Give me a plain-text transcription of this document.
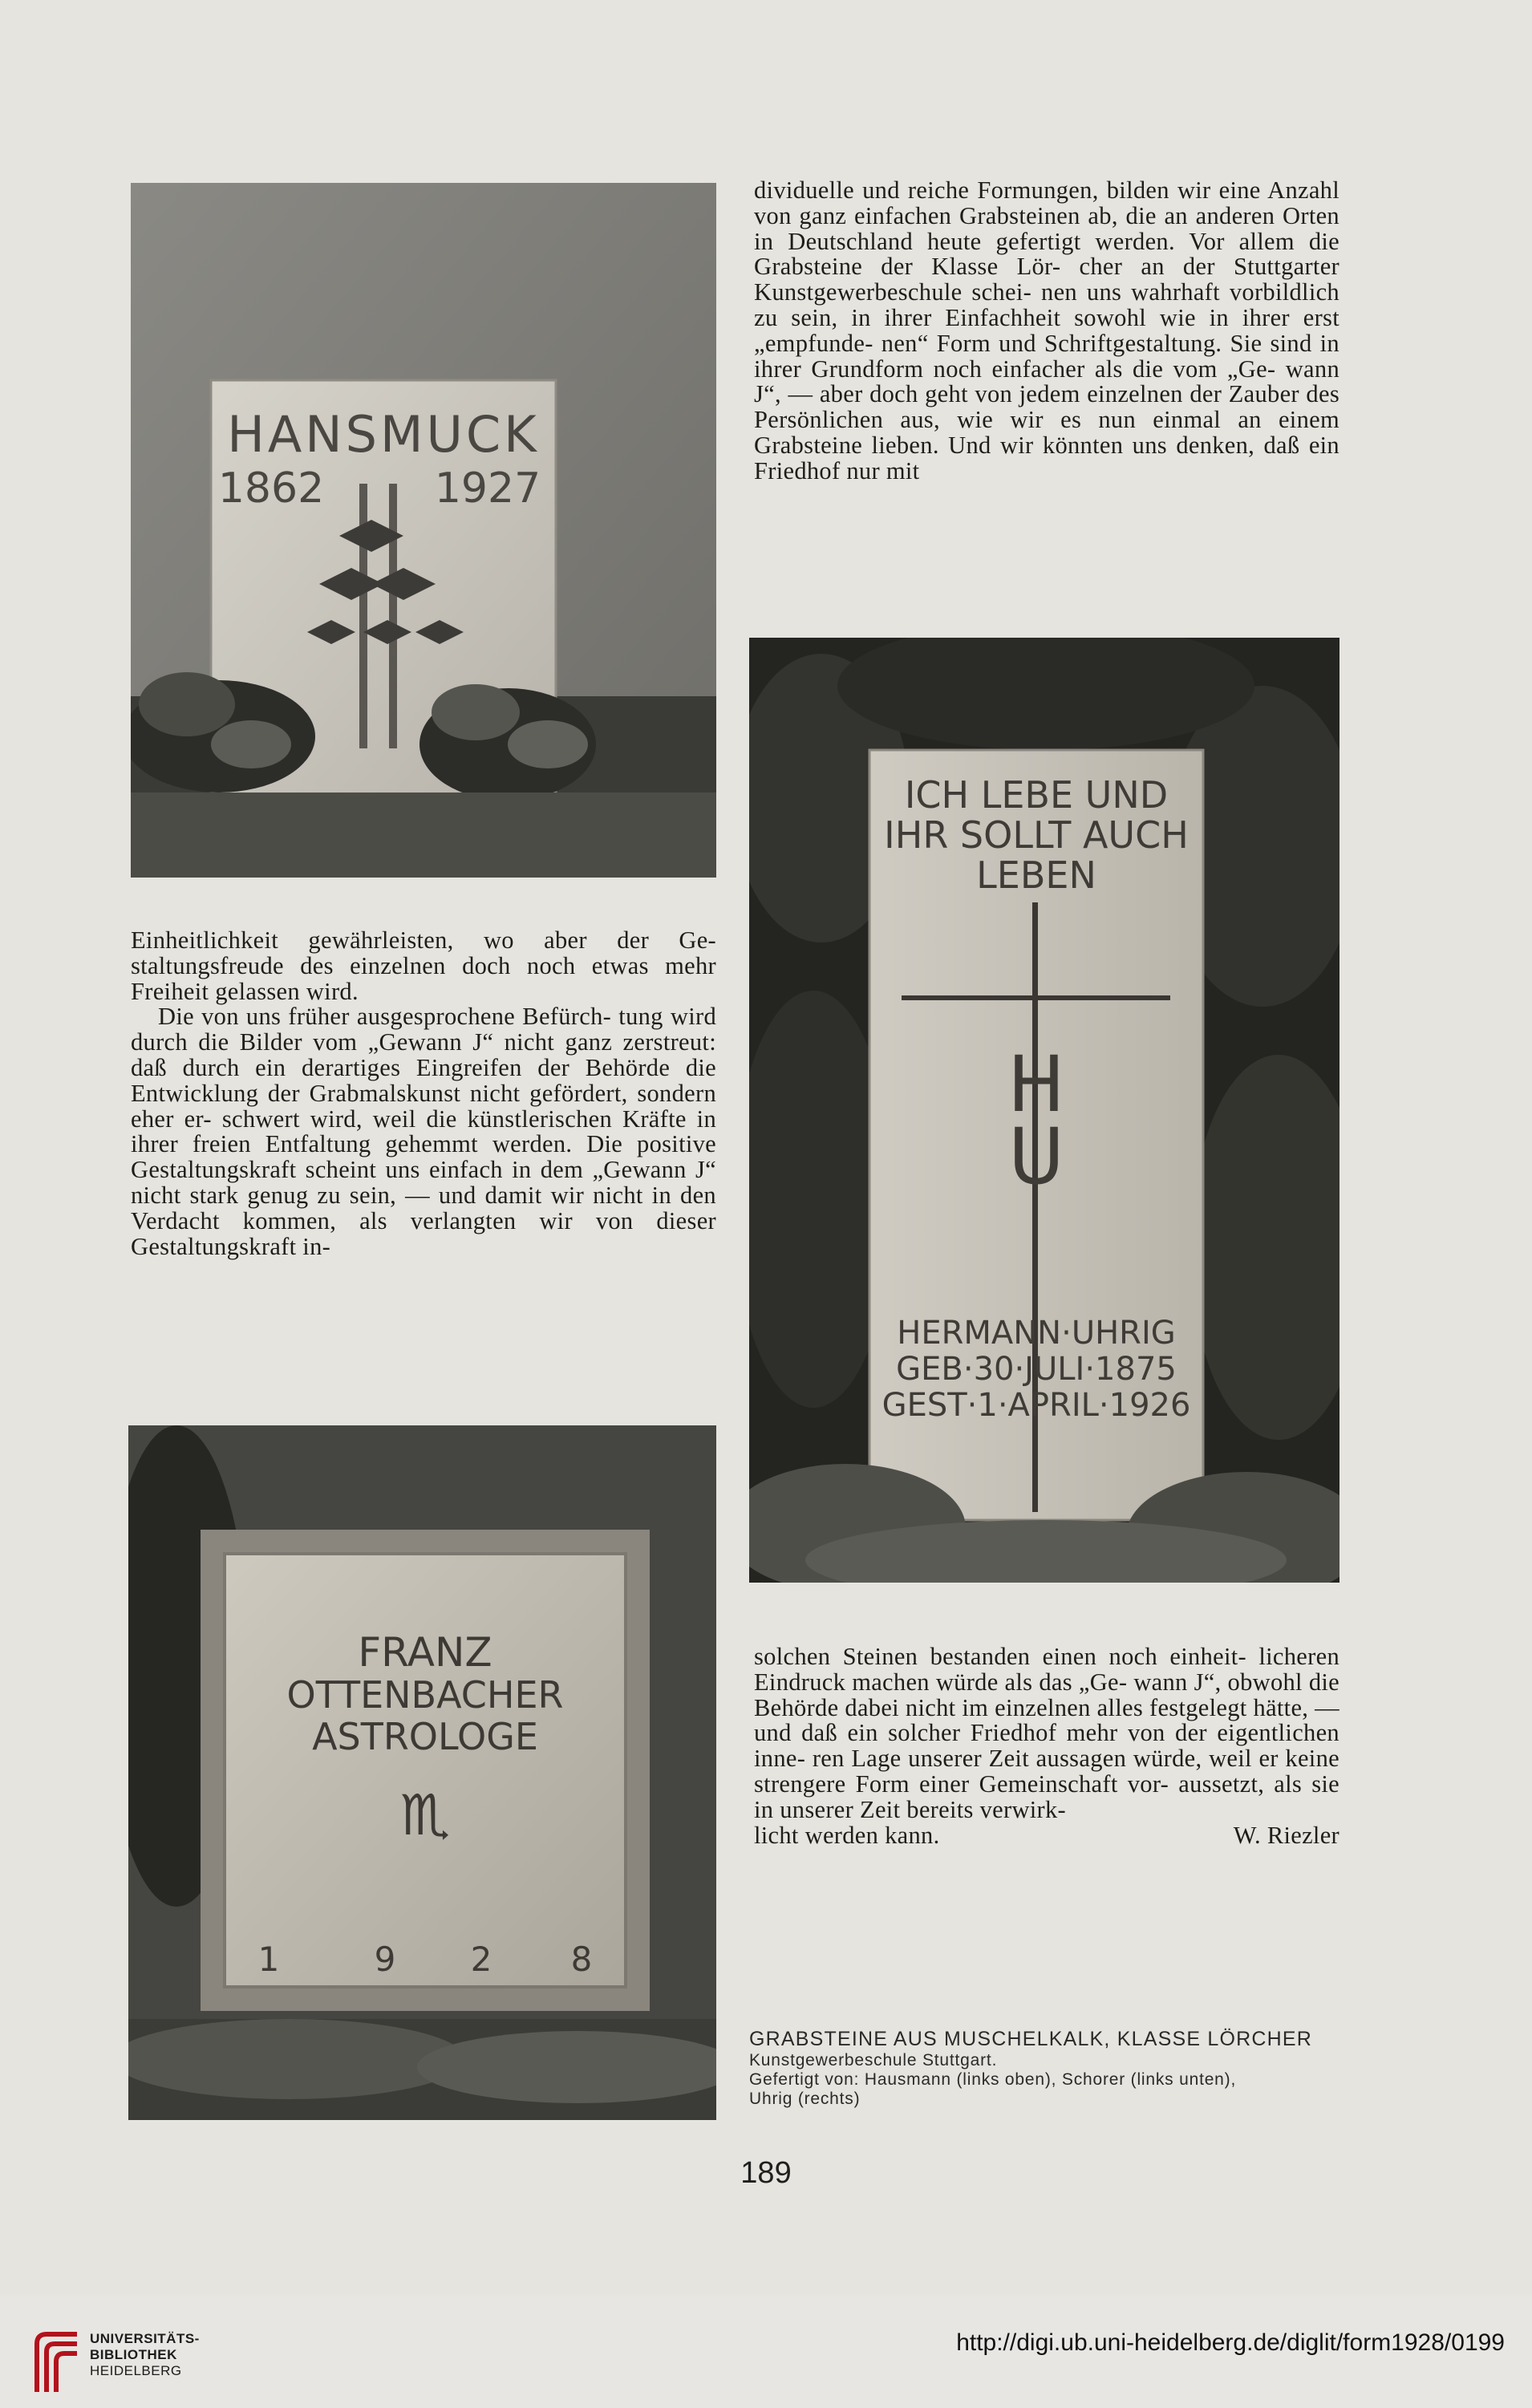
HANSMUCK
1862	1927

dividuelle und reiche Formungen, bilden wir eine Anzahl von ganz einfachen Grabsteinen ab, die an anderen Orten in Deutschland heute gefertigt werden. Vor allem die Grabsteine der Klasse Lör- cher an der Stuttgarter Kunstgewerbeschule schei- nen uns wahrhaft vorbildlich zu sein, in ihrer Einfachheit sowohl wie in ihrer erst „empfunde- nen“ Form und Schriftgestaltung. Sie sind in ihrer Grundform noch einfacher als die vom „Ge- wann J“, — aber doch geht von jedem einzelnen der Zauber des Persönlichen aus, wie wir es nun einmal an einem Grabsteine lieben. Und wir könnten uns denken, daß ein Friedhof nur mit

ICH LEBE UND
IHR SOLLT AUCH
LEBEN
H
U
HERMANN·UHRIG
GEB·30·JULI·1875
GEST·1·APRIL·1926

Einheitlichkeit gewährleisten, wo aber der Ge- staltungsfreude des einzelnen doch noch etwas mehr Freiheit gelassen wird.

Die von uns früher ausgesprochene Befürch- tung wird durch die Bilder vom „Gewann J“ nicht ganz zerstreut: daß durch ein derartiges Eingreifen der Behörde die Entwicklung der Grabmalskunst nicht gefördert, sondern eher er- schwert wird, weil die künstlerischen Kräfte in ihrer freien Entfaltung gehemmt werden. Die positive Gestaltungskraft scheint uns einfach in dem „Gewann J“ nicht stark genug zu sein, — und damit wir nicht in den Verdacht kommen, als verlangten wir von dieser Gestaltungskraft in-

FRANZ
OTTENBACHER
ASTROLOGE
♏
1	9 2 8

solchen Steinen bestanden einen noch einheit- licheren Eindruck machen würde als das „Ge- wann J“, obwohl die Behörde dabei nicht im einzelnen alles festgelegt hätte, — und daß ein solcher Friedhof mehr von der eigentlichen inne- ren Lage unserer Zeit aussagen würde, weil er keine strengere Form einer Gemeinschaft vor- aussetzt, als sie in unserer Zeit bereits verwirk-

licht werden kann.	W. Riezler
GRABSTEINE AUS MUSCHELKALK, KLASSE LÖRCHER
Kunstgewerbeschule Stuttgart.
Gefertigt von: Hausmann (links oben), Schorer (links unten),
Uhrig (rechts)
189
UNIVERSITÄTS-
BIBLIOTHEK
HEIDELBERG
http://digi.ub.uni-heidelberg.de/diglit/form1928/0199
